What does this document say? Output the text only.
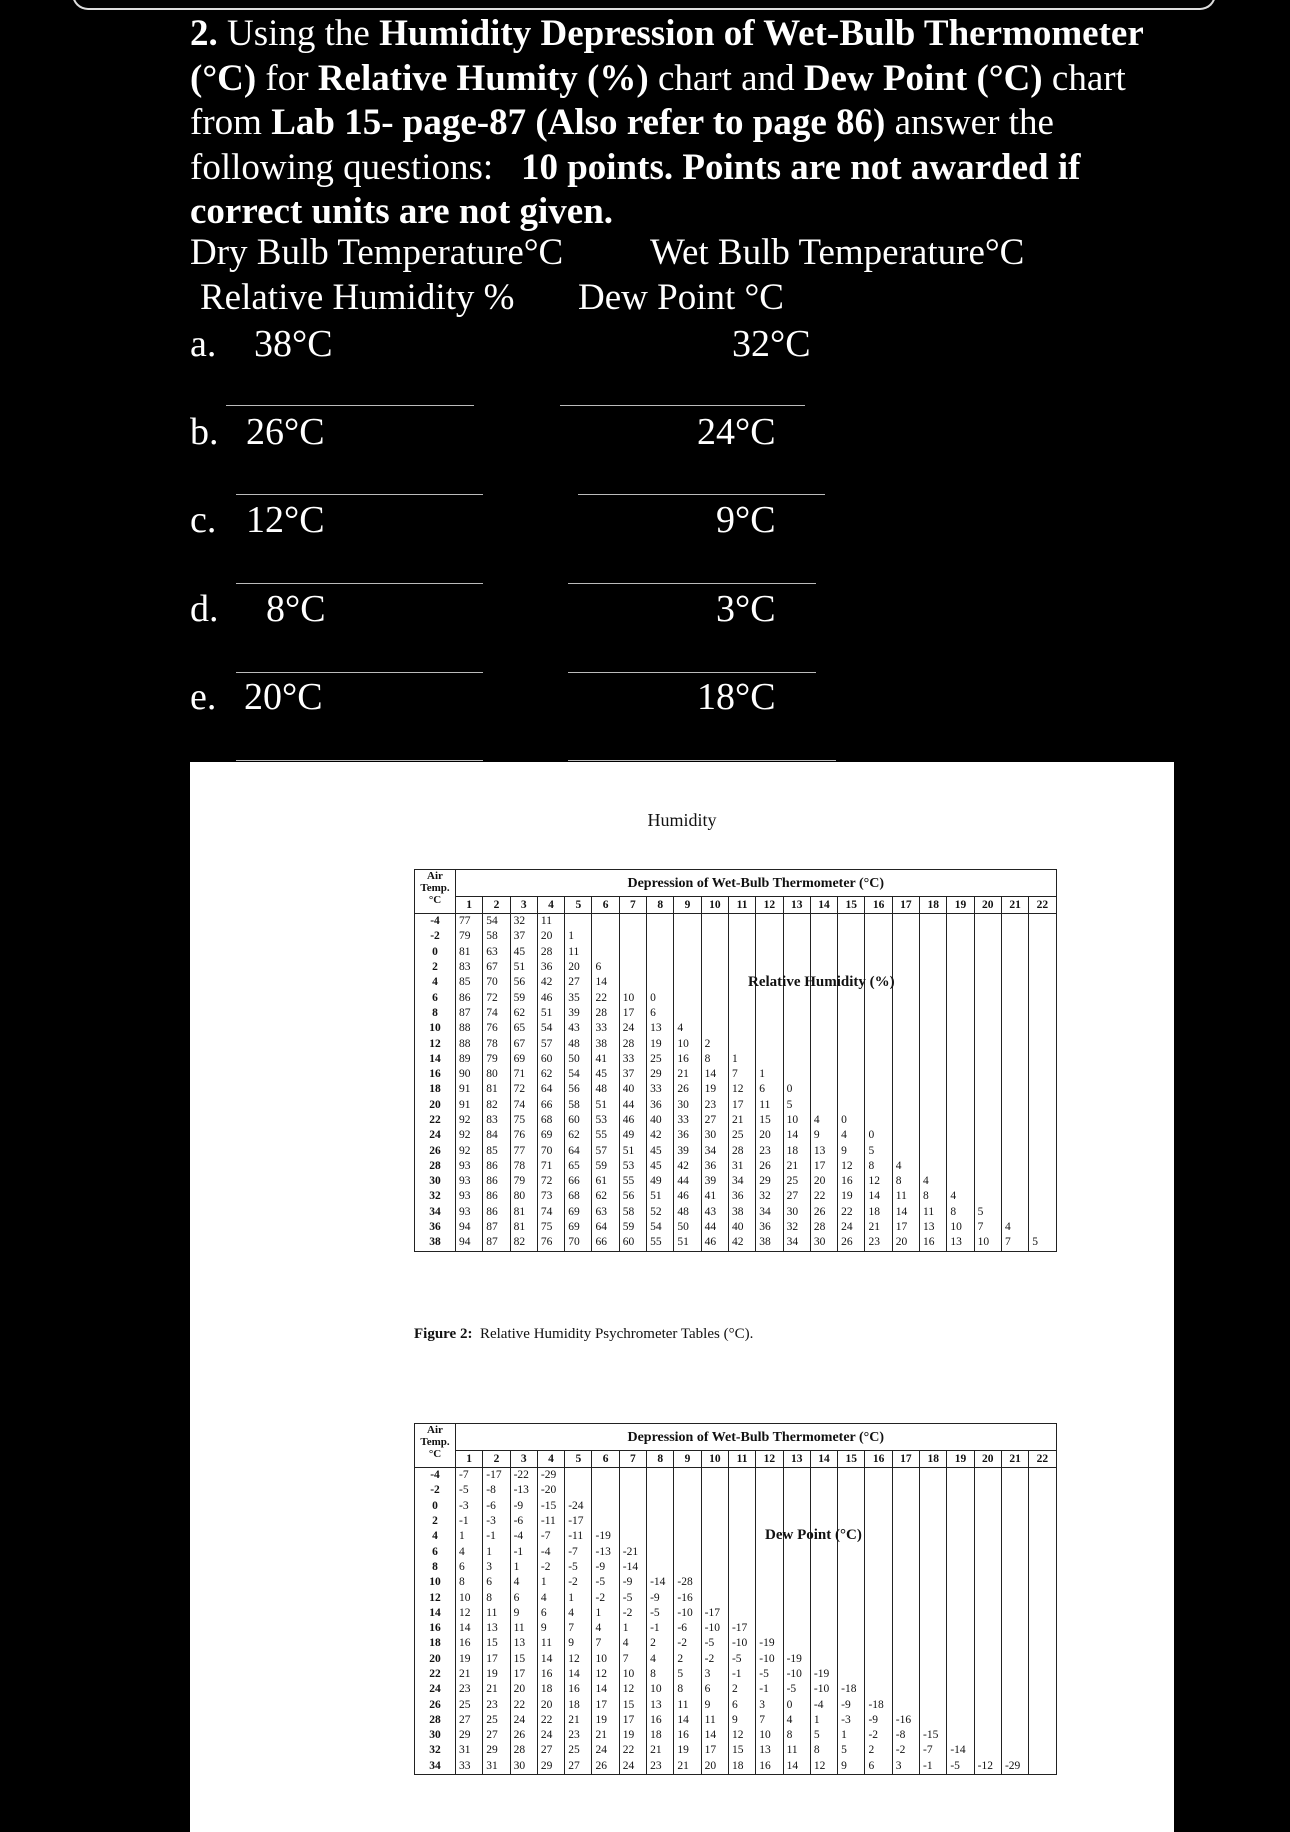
2. Using the Humidity Depression of Wet-Bulb Thermometer (°C) for Relative Humity (%) chart and Dew Point (°C) chart from Lab 15- page-87 (Also refer to page 86) answer the following questions: 10 points. Points are not awarded if correct units are not given.
Dry Bulb Temperature°C Wet Bulb Temperature°C
Relative Humidity % Dew Point °C
a. 38°C	32°C
b. 26°C	24°C
c. 12°C	9°C
d. 8°C	3°C
e. 20°C	18°C
Humidity
Air Temp. °C	Depression of Wet-Bulb Thermometer (°C)																					
	1	2	3	4	5	6	7	8	9	10	11	12	13	14	15	16	17	18	19	20	21	22
-4	77	54	32	11																		
-2	79	58	37	20	1																	
0	81	63	45	28	11																	
2	83	67	51	36	20	6																
4	85	70	56	42	27	14																
6	86	72	59	46	35	22	10	0														
8	87	74	62	51	39	28	17	6														
10	88	76	65	54	43	33	24	13	4													
12	88	78	67	57	48	38	28	19	10	2												
14	89	79	69	60	50	41	33	25	16	8	1											
16	90	80	71	62	54	45	37	29	21	14	7	1										
18	91	81	72	64	56	48	40	33	26	19	12	6	0									
20	91	82	74	66	58	51	44	36	30	23	17	11	5									
22	92	83	75	68	60	53	46	40	33	27	21	15	10	4	0							
24	92	84	76	69	62	55	49	42	36	30	25	20	14	9	4	0						
26	92	85	77	70	64	57	51	45	39	34	28	23	18	13	9	5						
28	93	86	78	71	65	59	53	45	42	36	31	26	21	17	12	8	4					
30	93	86	79	72	66	61	55	49	44	39	34	29	25	20	16	12	8	4				
32	93	86	80	73	68	62	56	51	46	41	36	32	27	22	19	14	11	8	4			
34	93	86	81	74	69	63	58	52	48	43	38	34	30	26	22	18	14	11	8	5		
36	94	87	81	75	69	64	59	54	50	44	40	36	32	28	24	21	17	13	10	7	4	
38	94	87	82	76	70	66	60	55	51	46	42	38	34	30	26	23	20	16	13	10	7	5
Relative Humidity (%)
Figure 2: Relative Humidity Psychrometer Tables (°C).
Air Temp. °C	Depression of Wet-Bulb Thermometer (°C)																					
	1	2	3	4	5	6	7	8	9	10	11	12	13	14	15	16	17	18	19	20	21	22
-4	-7	-17	-22	-29																		
-2	-5	-8	-13	-20																		
0	-3	-6	-9	-15	-24																	
2	-1	-3	-6	-11	-17																	
4	1	-1	-4	-7	-11	-19																
6	4	1	-1	-4	-7	-13	-21															
8	6	3	1	-2	-5	-9	-14															
10	8	6	4	1	-2	-5	-9	-14	-28													
12	10	8	6	4	1	-2	-5	-9	-16													
14	12	11	9	6	4	1	-2	-5	-10	-17												
16	14	13	11	9	7	4	1	-1	-6	-10	-17											
18	16	15	13	11	9	7	4	2	-2	-5	-10	-19										
20	19	17	15	14	12	10	7	4	2	-2	-5	-10	-19									
22	21	19	17	16	14	12	10	8	5	3	-1	-5	-10	-19								
24	23	21	20	18	16	14	12	10	8	6	2	-1	-5	-10	-18							
26	25	23	22	20	18	17	15	13	11	9	6	3	0	-4	-9	-18						
28	27	25	24	22	21	19	17	16	14	11	9	7	4	1	-3	-9	-16					
30	29	27	26	24	23	21	19	18	16	14	12	10	8	5	1	-2	-8	-15				
32	31	29	28	27	25	24	22	21	19	17	15	13	11	8	5	2	-2	-7	-14			
34	33	31	30	29	27	26	24	23	21	20	18	16	14	12	9	6	3	-1	-5	-12	-29	
Dew Point (°C)
